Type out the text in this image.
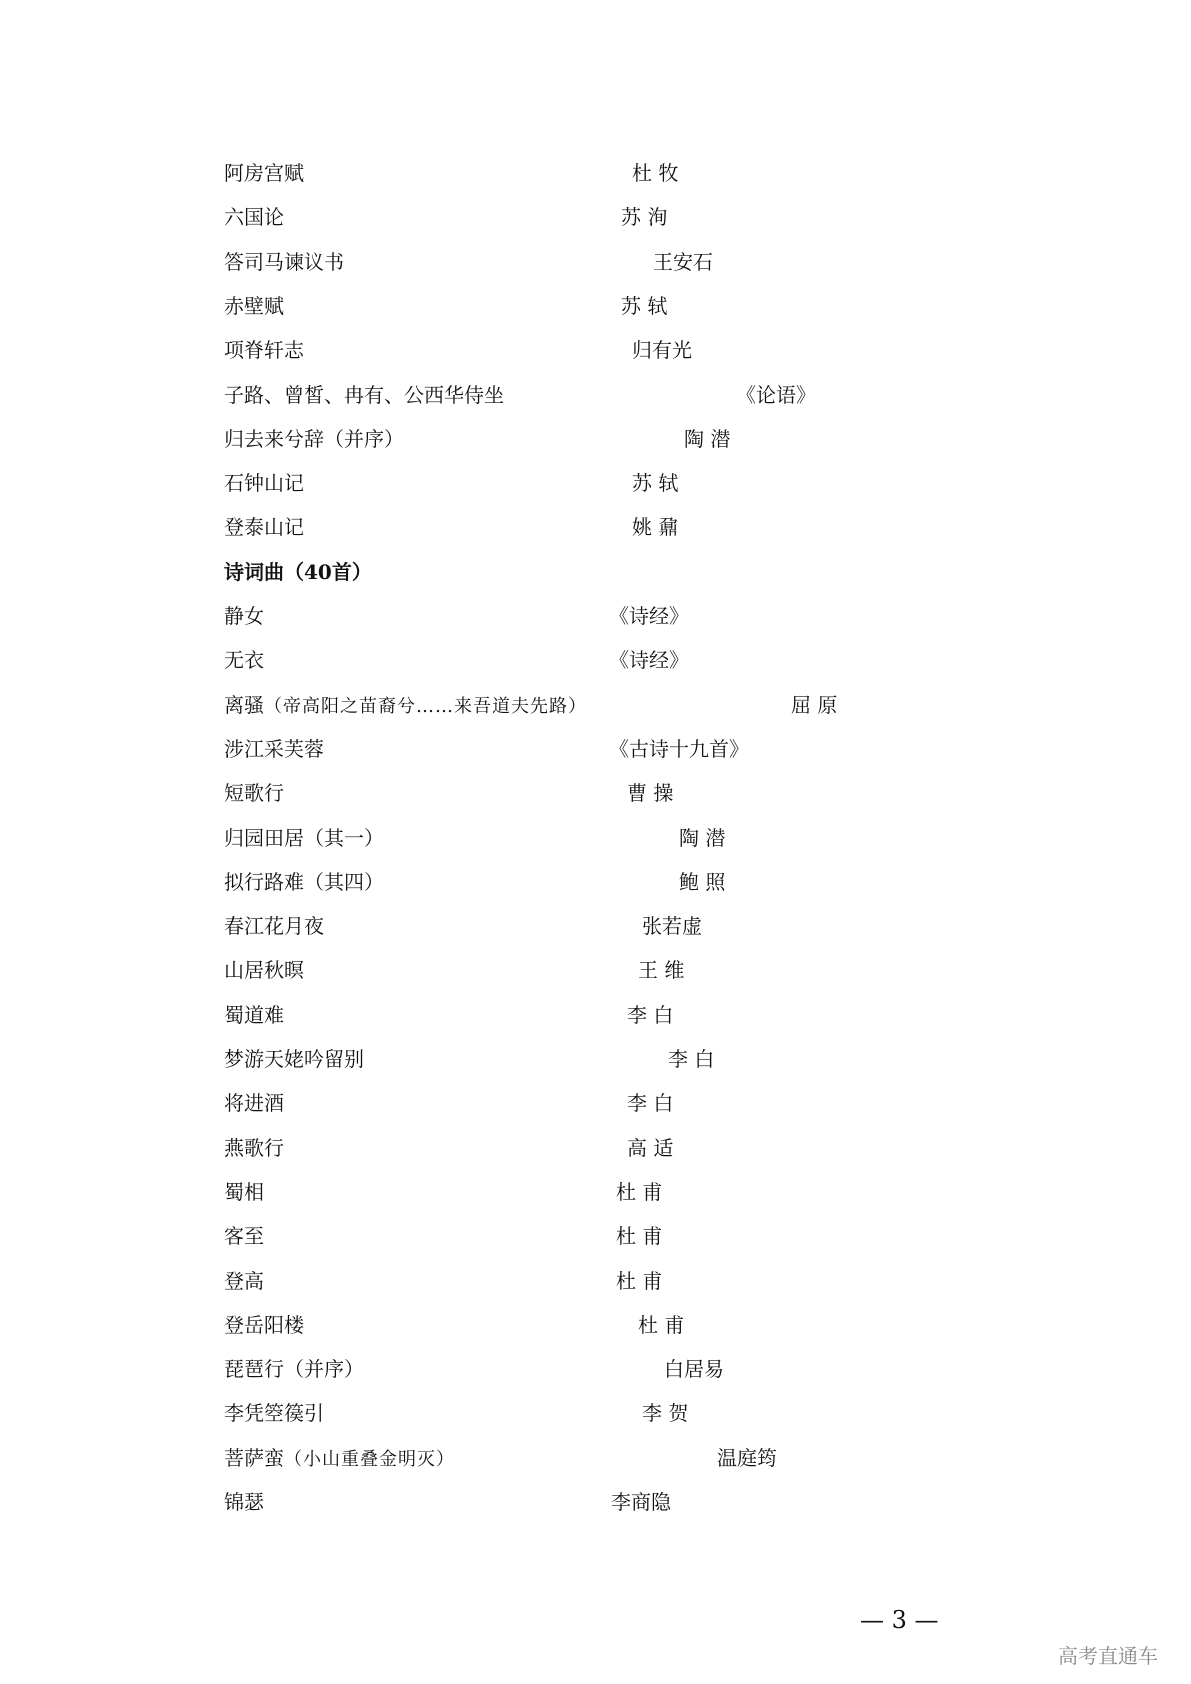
阿房宫赋	杜 牧
六国论	苏 洵
答司马谏议书	王安石
赤壁赋	苏 轼
项脊轩志	归有光
子路、曾皙、冉有、公西华侍坐	《论语》
归去来兮辞（并序）	陶 潜
石钟山记	苏 轼
登泰山记	姚 鼐
诗词曲（40首）
静女	《诗经》
无衣	《诗经》
离骚（帝高阳之苗裔兮……来吾道夫先路）	屈 原
涉江采芙蓉	《古诗十九首》
短歌行	曹 操
归园田居（其一）	陶 潜
拟行路难（其四）	鲍 照
春江花月夜	张若虚
山居秋暝	王 维
蜀道难	李 白
梦游天姥吟留别	李 白
将进酒	李 白
燕歌行	高 适
蜀相	杜 甫
客至	杜 甫
登高	杜 甫
登岳阳楼	杜 甫
琵琶行（并序）	白居易
李凭箜篌引	李 贺
菩萨蛮（小山重叠金明灭）	温庭筠
锦瑟	李商隐
— 3 —
高考直通车
